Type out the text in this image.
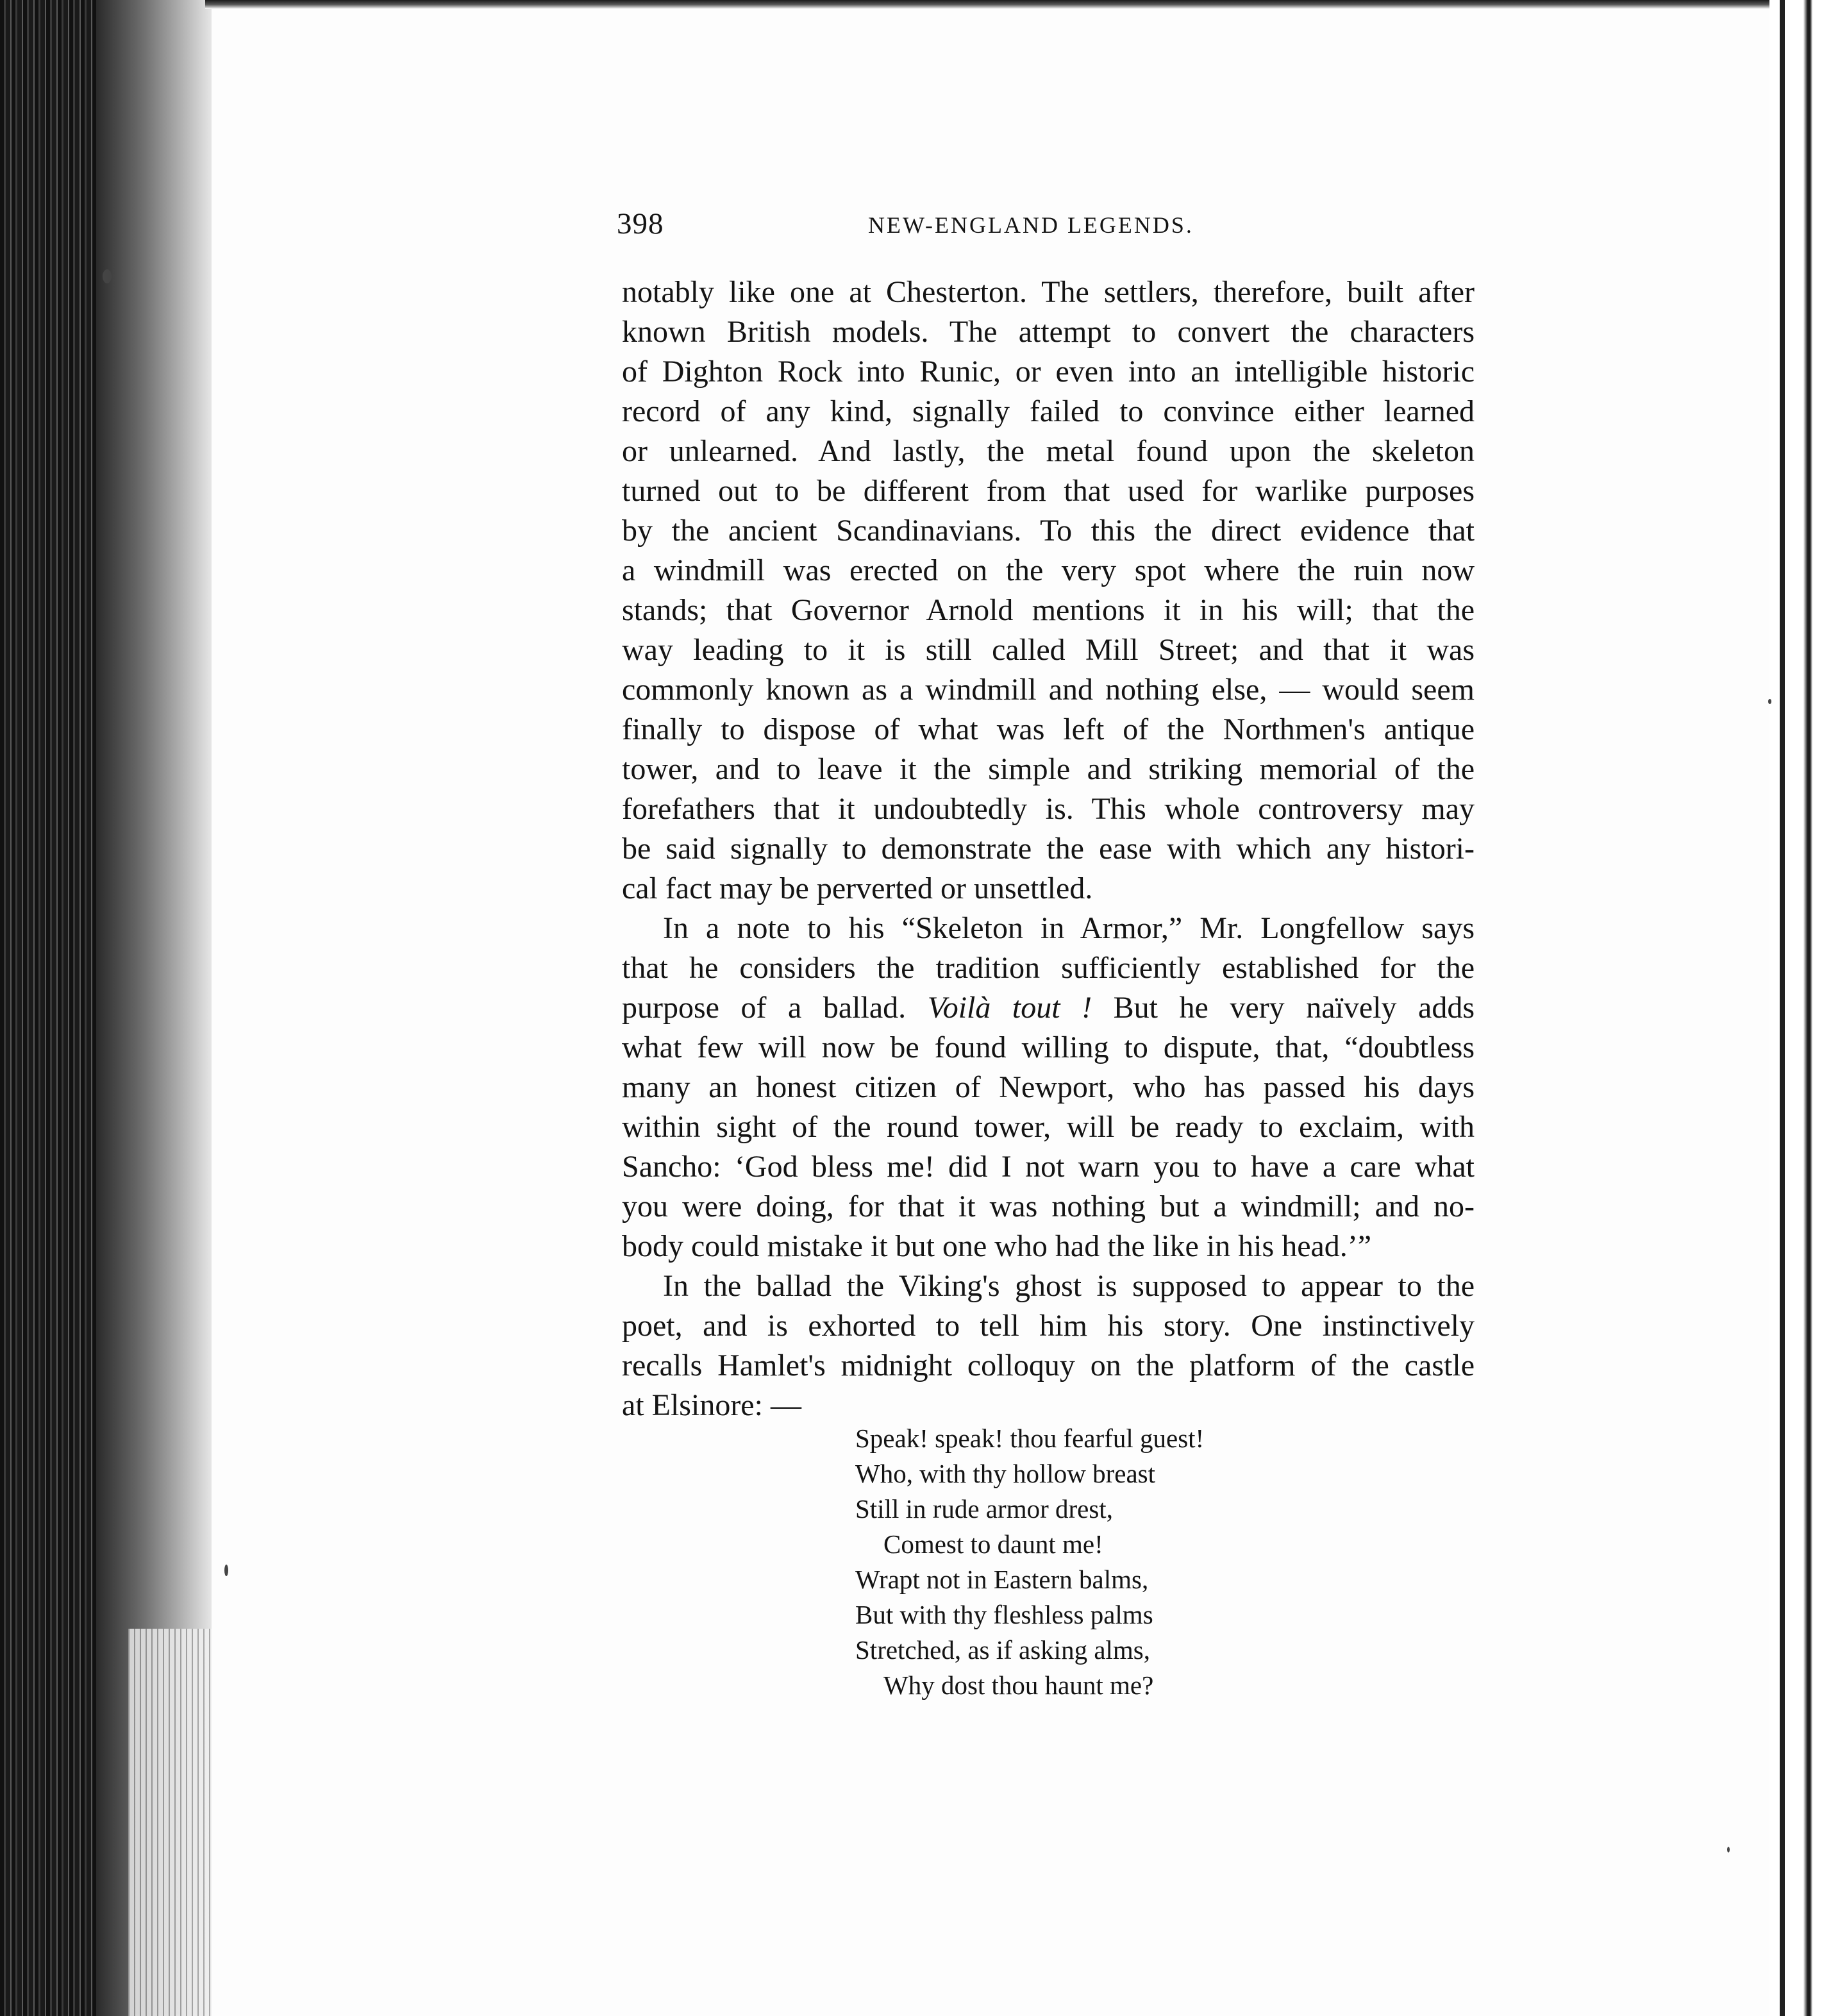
398	NEW-ENGLAND LEGENDS.
notably like one at Chesterton. The settlers, therefore, built after
known British models. The attempt to convert the characters
of Dighton Rock into Runic, or even into an intelligible historic
record of any kind, signally failed to convince either learned
or unlearned. And lastly, the metal found upon the skeleton
turned out to be different from that used for warlike purposes
by the ancient Scandinavians. To this the direct evidence that
a windmill was erected on the very spot where the ruin now
stands; that Governor Arnold mentions it in his will; that the
way leading to it is still called Mill Street; and that it was
commonly known as a windmill and nothing else, — would seem
finally to dispose of what was left of the Northmen's antique
tower, and to leave it the simple and striking memorial of the
forefathers that it undoubtedly is. This whole controversy may
be said signally to demonstrate the ease with which any histori-
cal fact may be perverted or unsettled.
In a note to his “Skeleton in Armor,” Mr. Longfellow says
that he considers the tradition sufficiently established for the
purpose of a ballad. Voilà tout ! But he very naïvely adds
what few will now be found willing to dispute, that, “doubtless
many an honest citizen of Newport, who has passed his days
within sight of the round tower, will be ready to exclaim, with
Sancho: ‘God bless me! did I not warn you to have a care what
you were doing, for that it was nothing but a windmill; and no-
body could mistake it but one who had the like in his head.’”
In the ballad the Viking's ghost is supposed to appear to the
poet, and is exhorted to tell him his story. One instinctively
recalls Hamlet's midnight colloquy on the platform of the castle
at Elsinore: —
Speak! speak! thou fearful guest!
Who, with thy hollow breast
Still in rude armor drest,
Comest to daunt me!
Wrapt not in Eastern balms,
But with thy fleshless palms
Stretched, as if asking alms,
Why dost thou haunt me?
